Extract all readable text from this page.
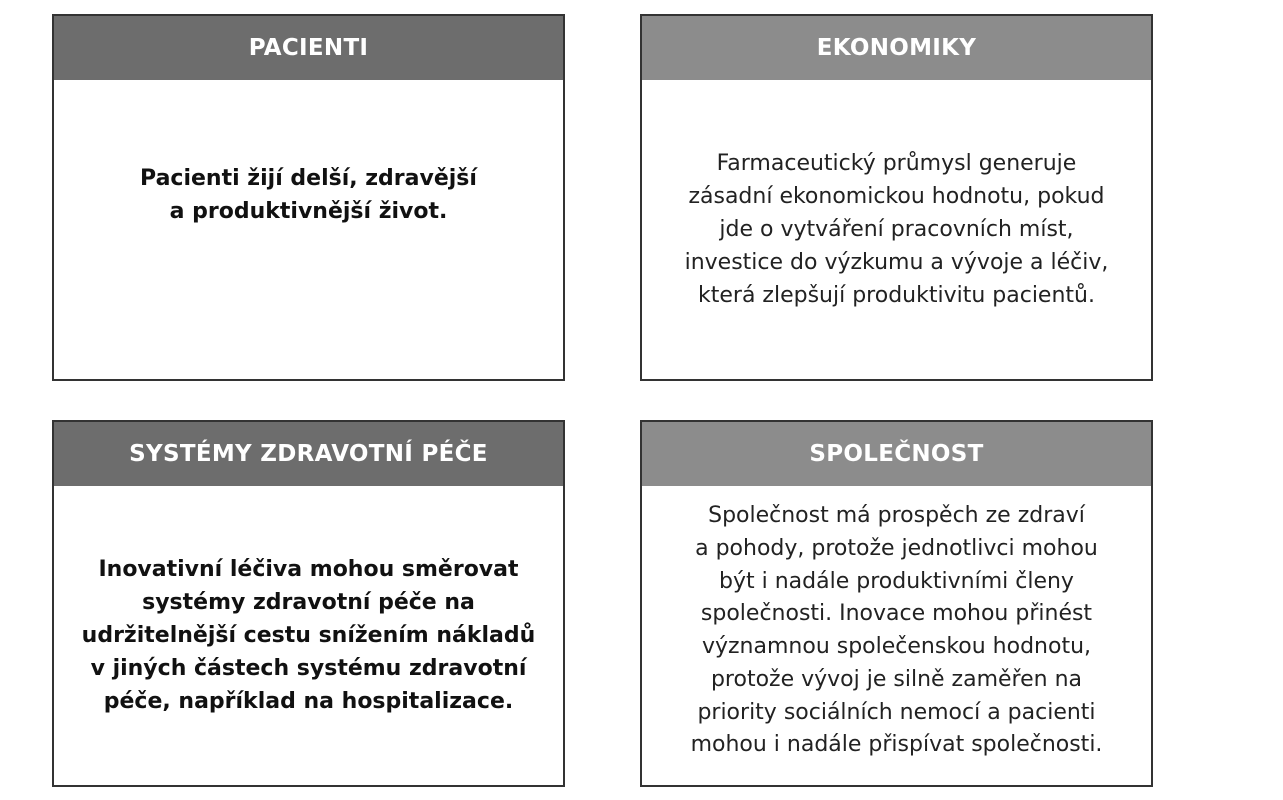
PACIENTI
Pacienti žijí delší, zdravější
a produktivnější život.
EKONOMIKY
Farmaceutický průmysl generuje
zásadní ekonomickou hodnotu, pokud
jde o vytváření pracovních míst,
investice do výzkumu a vývoje a léčiv,
která zlepšují produktivitu pacientů.
SYSTÉMY ZDRAVOTNÍ PÉČE
Inovativní léčiva mohou směrovat
systémy zdravotní péče na
udržitelnější cestu snížením nákladů
v jiných částech systému zdravotní
péče, například na hospitalizace.
SPOLEČNOST
Společnost má prospěch ze zdraví
a pohody, protože jednotlivci mohou
být i nadále produktivními členy
společnosti. Inovace mohou přinést
významnou společenskou hodnotu,
protože vývoj je silně zaměřen na
priority sociálních nemocí a pacienti
mohou i nadále přispívat společnosti.
